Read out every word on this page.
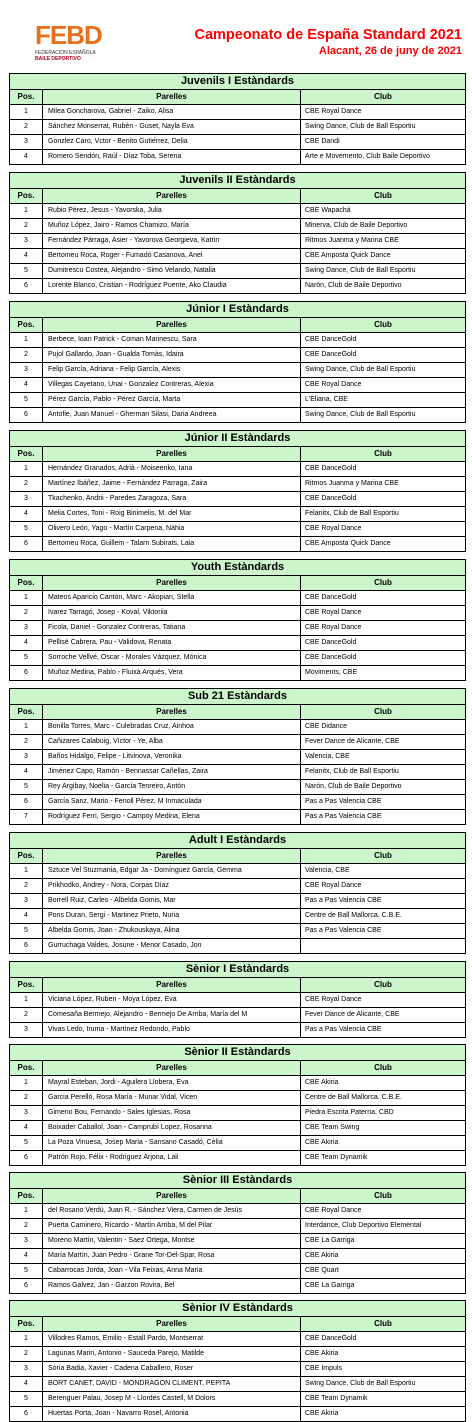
FEBD
FEDERACIÓN ESPAÑOLA
BAILE DEPORTIVO
Campeonato de España Standard 2021
Alacant, 26 de juny de 2021
Juvenils I Estàndards
Pos.	Parelles	Club
1	Milea Goncharova, Gabriel - Zaiko, Alisa	CBE Royal Dance
2	Sánchez Monserrat, Rubén - Guset, Nayla Eva	Swing Dance, Club de Ball Esportiu
3	Gonzlez Caro, Vctor - Benito Gutiérrez, Delia	CBE Dandi
4	Romero Sendón, Raúl - Díaz Toba, Serena	Arte e Movemento, Club Baile Deportivo
Juvenils II Estàndards
Pos.	Parelles	Club
1	Rubio Pérez, Jesus - Yavorska, Julia	CBE Wapachá
2	Muñoz López, Jairo - Ramos Chamizo, María	Minerva, Club de Baile Deportivo
3	Fernández Párraga, Asier - Yavorova Georgieva, Katrin	Ritmos Juanma y Marina CBE
4	Bertomeu Roca, Roger - Fumadó Casanova, Anel	CBE Amposta Quick Dance
5	Dumitrescu Costea, Alejandro - Simó Velando, Natalia	Swing Dance, Club de Ball Esportiu
6	Lorente Blanco, Cristian - Rodríguez Puente, Ako Claudia	Narón, Club de Baile Deportivo
Júnior I Estàndards
Pos.	Parelles	Club
1	Berbece, Ioan Patrick - Coman Marinescu, Sara	CBE DanceGold
2	Pujol Gallardo, Joan - Gualda Tomàs, Idaira	CBE DanceGold
3	Felip García, Adriana - Felip García, Alexis	Swing Dance, Club de Ball Esportiu
4	Villegas Cayetano, Unai - Gonzalez Contreras, Alexia	CBE Royal Dance
5	Pérez García, Pablo - Pérez García, Marta	L'Eliana, CBE
6	Antofie, Juan Manuel - Gherman Silasi, Daria Andreea	Swing Dance, Club de Ball Esportiu
Júnior II Estàndards
Pos.	Parelles	Club
1	Hernández Granados, Adrià - Moiseenko, Iana	CBE DanceGold
2	Martínez Ibáñez, Jaime - Fernández Parraga, Zaira	Ritmos Juanma y Marina CBE
3	Tkachenko, Andrii - Paredes Zaragoza, Sara	CBE DanceGold
4	Melia Cortes, Toni - Roig Binimelis, M. del Mar	Felanitx, Club de Ball Esportiu
5	Olivero León, Yago - Martín Carpena, Nàhia	CBE Royal Dance
6	Bertomeu Roca, Guillem - Talarn Subirats, Laia	CBE Amposta Quick Dance
Youth Estàndards
Pos.	Parelles	Club
1	Mateos Aparicio Cantón, Marc - Akopian, Stella	CBE DanceGold
2	Ivarez Tarragó, Josep - Koval, Viktoriia	CBE Royal Dance
3	Ficola, Daniel - Gonzalez Contreras, Tatiana	CBE Royal Dance
4	Pellisé Cabrera, Pau - Validova, Renata	CBE DanceGold
5	Sorroche Vellvé, Oscar - Morales Vázquez, Mónica	CBE DanceGold
6	Muñoz Medina, Pablo - Fluixà Arqués, Vera	Moviments, CBE
Sub 21 Estàndards
Pos.	Parelles	Club
1	Bonilla Torres, Marc - Culebradas Cruz, Ainhoa	CBE Didance
2	Cañizares Calabuig, Víctor - Ye, Alba	Fever Dance de Alicante, CBE
3	Baños Hidalgo, Felipe - Litvinova, Veronika	Valencia, CBE
4	Jiménez Capo, Ramón - Bennassar Cañellas, Zaira	Felanitx, Club de Ball Esportiu
5	Rey Argibay, Noelia - García Tenreiro, Antón	Narón, Club de Baile Deportivo
6	García Sanz, Mario - Fenoll Pérez, M Inmaculada	Pas a Pas Valencia CBE
7	Rodríguez Ferri, Sergio - Campoy Medina, Elena	Pas a Pas Valencia CBE
Adult I Estàndards
Pos.	Parelles	Club
1	Sztuce Vel Stuzmania, Edgar Ja - Domínguez García, Gemma	Valencia, CBE
2	Prikhodko, Andrey - Nora, Corpas Díaz	CBE Royal Dance
3	Borrell Ruiz, Carles - Albelda Gomis, Mar	Pas a Pas Valencia CBE
4	Pons Duran, Sergi - Martinez Prieto, Nuria	Centre de Ball Mallorca. C.B.E.
5	Albelda Gomis, Joan - Zhukouskaya, Alina	Pas a Pas Valencia CBE
6	Gurruchaga Valdes, Josune - Menor Casado, Jon
Sènior I Estàndards
Pos.	Parelles	Club
1	Viciana López, Ruben - Moya López, Eva	CBE Royal Dance
2	Comesaña Bermejo, Alejandro - Bermejo De Arriba, María del M	Fever Dance de Alicante, CBE
3	Vivas Ledo, Iruma - Martínez Redondo, Pablo	Pas a Pas Valencia CBE
Sènior II Estàndards
Pos.	Parelles	Club
1	Mayral Esteban, Jordi - Aguilera Llobera, Eva	CBE Akiria
2	Garcia Perelló, Rosa María - Munar Vidal, Vicen	Centre de Ball Mallorca. C.B.E.
3	Gimeno Bou, Fernando - Sales Iglesias, Rosa	Piedra Escrita Paterna, CBD
4	Boixader Caballol, Joan - Camprubí Lopez, Rosanna	CBE Team Swing
5	La Poza Vinuesa, Josep Maria - Sansano Casadó, Cèlia	CBE Akiria
6	Patrón Rojo, Félix - Rodriguez Arjona, Lali	CBE Team Dynamik
Sènior III Estàndards
Pos.	Parelles	Club
1	del Rosario Verdú, Juan R. - Sánchez Viera, Carmen de Jesús	CBE Royal Dance
2	Puerta Caminero, Ricardo - Martín Arriba, M del Pilar	Interdance, Club Deportivo Elemental
3	Moreno Martín, Valentin - Saez Ortega, Montse	CBE La Garriga
4	María Martín, Juan Pedro - Grane Tor-Del-Spar, Rosa	CBE Akiria
5	Cabarrocas Jorda, Joan - Vila Feixas, Anna Maria	CBE Quart
6	Ramos Galvez, Jan - Garzon Rovira, Bel	CBE La Garriga
Sènior IV Estàndards
Pos.	Parelles	Club
1	Villodres Ramos, Emilio - Estall Pardo, Montserrat	CBE DanceGold
2	Lagunas Marin, Antonio - Sauceda Parejo, Matilde	CBE Akiria
3	Sòria Badia, Xavier - Cadena Caballero, Roser	CBE Impuls
4	BORT CANET, DAVID - MONDRAGON CLIMENT, PEPITA	Swing Dance, Club de Ball Esportiu
5	Berenguer Palau, Josep M - Llordés Castell, M Dolors	CBE Team Dynamik
6	Huertas Porta, Joan - Navarro Rosel, Antonia	CBE Akiria
